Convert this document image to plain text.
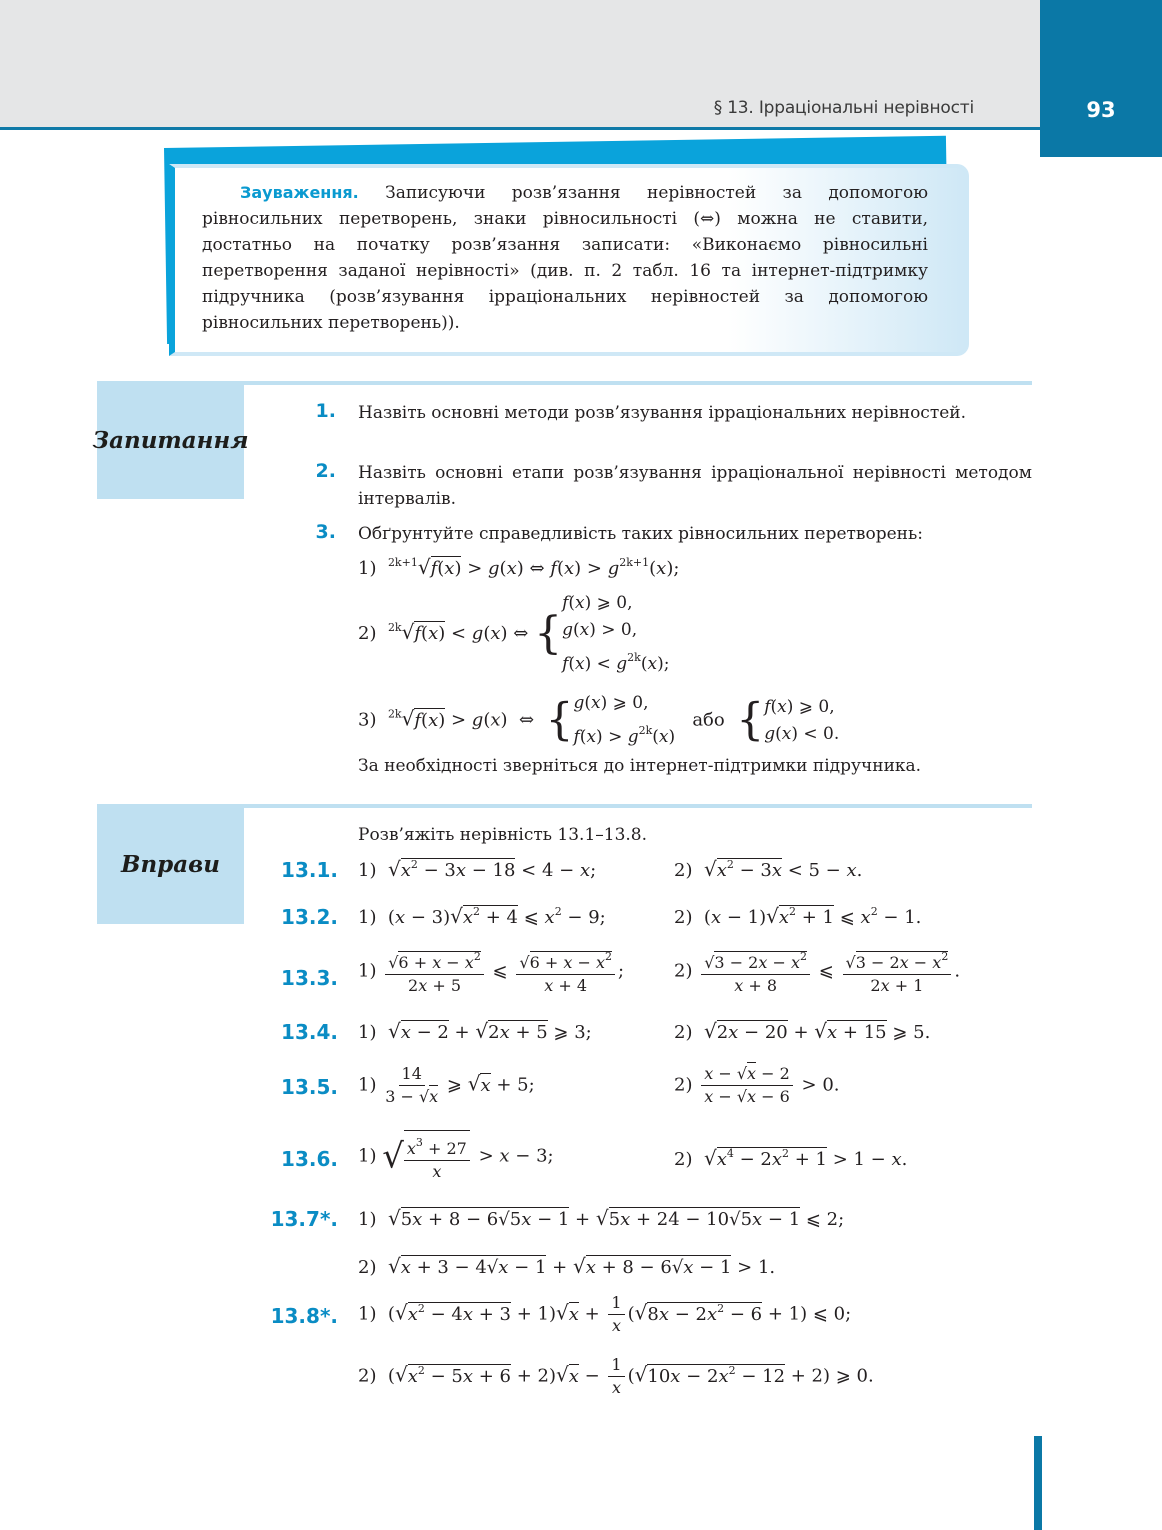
§ 13. Ірраціональні нерівності	93

Зауваження. Записуючи розв’язання нерівностей за допомогою рівносильних перетворень, знаки рівносильності (⇔) можна не ставити, достатньо на початку розв’язання записати: «Виконаємо рівносильні перетворення заданої нерівності» (див. п. 2 табл. 16 та інтернет-підтримку підручника (розв’язування ірраціональних нерівностей за допомогою рівносильних перетворень)).

Запитання
1. Назвіть основні методи розв’язування ірраціональних нерівностей.

2. Назвіть основні етапи розв’язування ірраціональної нерівності методом інтервалів.

3. Обґрунтуйте справедливість таких рівносильних перетворень:

1) $^{2k+1}$√f(x) > g(x) ⇔ $f(x) > g^{2k+1}(x)$;
2) $^{2k}$√f(x) < g(x) ⇔ {
f(x) ⩾ 0,
g(x) > 0,
$f(x) < g^{2k}(x)$;
3) $^{2k}$√f(x) > g(x)  ⇔  { g(x) ⩾ 0,
$f(x) > g^{2k}(x)$
або { f(x) ⩾ 0,
g(x) < 0.

За необхідності зверніться до інтернет-підтримки підручника.

Вправи

Розв’яжіть нерівність 13.1–13.8.

13.1. 1) $√x^2 - 3x - 18 < 4 - x$;	2) $√x^2 - 3x < 5 - x$.
13.2. 1)  $(x - 3)√x^2 + 4$ ⩽ $x^2 - 9$;	2)  $(x - 1)√x^2 + 1$ ⩽ $x^2 - 1$.
13.3. $1) \frac{√6 + x - x^2}{2x + 5}$ ⩽ $\frac{√6 + x - x^2}{x + 4}$ ;	$2) \frac{√3 - 2x - x^2}{x + 8}$ ⩽ $\frac{√3 - 2x - x^2}{2x + 1}$ .
13.4. 1) √x − 2 + √2x + 5 ⩾ 3;	2) √2x − 20 + √x + 15 ⩾ 5.
13.5. $1) \frac{14}{3 - √x}$ ⩾ √x + 5;	$2) \frac{x - √x - 2}{x - √x - 6} > 0$.
13.6. 1) √ $\frac{x^3 + 27}{x} > x - 3$;	2) $√x^4 - 2x^2 + 1 > 1 - x$.
13.7*. 1) √5x + 8 − 6√5x − 1 + √5x + 24 − 10√5x − 1 ⩽ 2;
2) √x + 3 − 4√x − 1 + √x + 8 − 6√x − 1 > 1.
13.8*. 1)  $(√x^2 - 4x + 3 + 1)√x + \frac{1}{x} (√8x - 2x^2 - 6 + 1)$ ⩽ 0;
2)  $(√x^2 - 5x + 6 + 2)√x - \frac{1}{x} (√10x - 2x^2 - 12 + 2)$ ⩾ 0.
